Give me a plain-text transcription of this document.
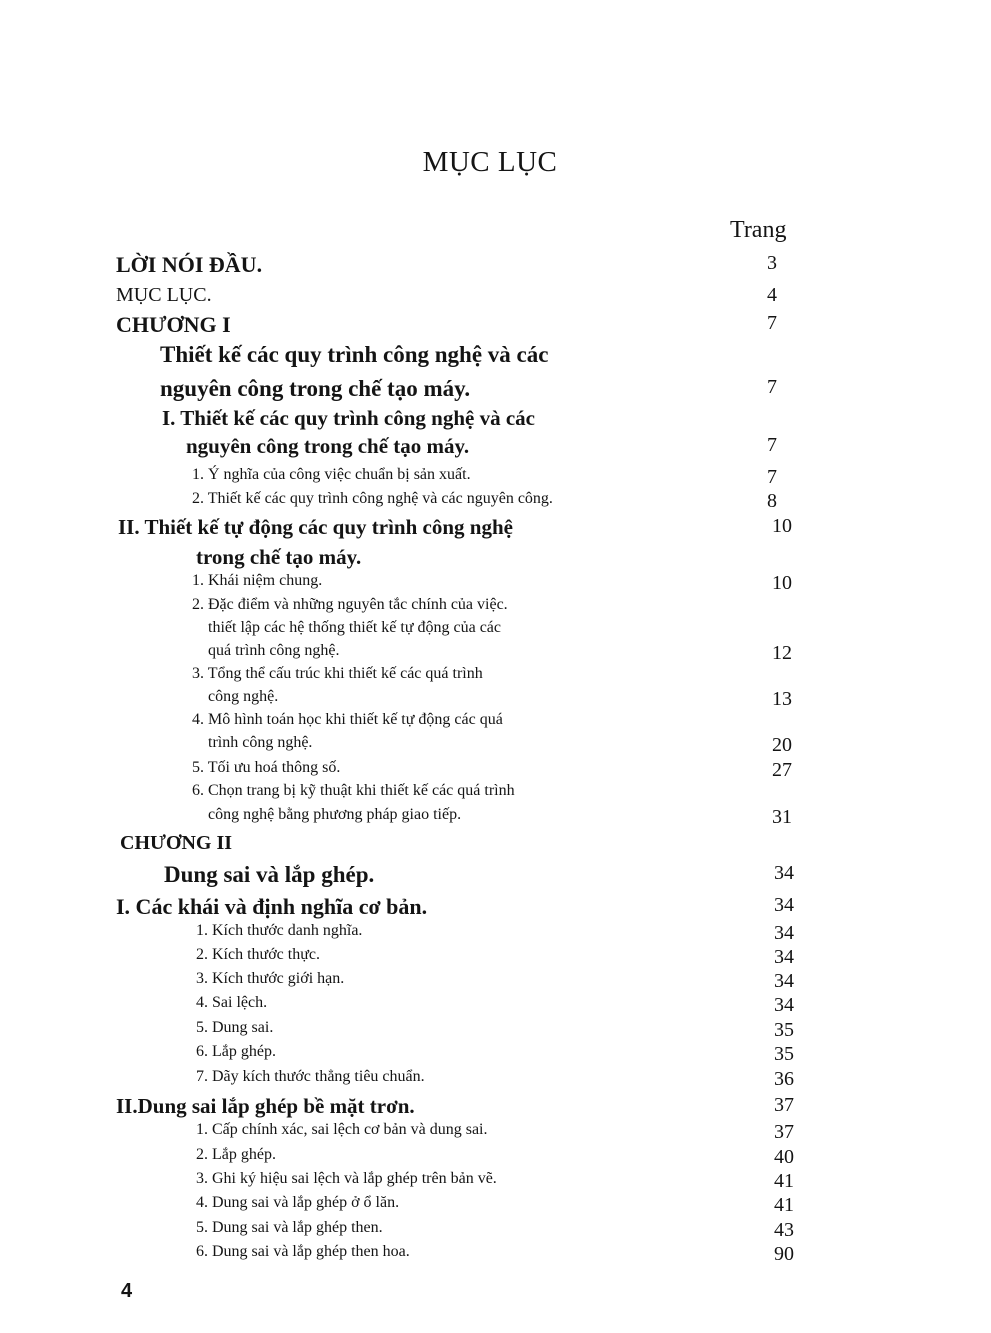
MỤC LỤC
Trang
LỜI NÓI ĐẦU.	3
MỤC LỤC.	4
CHƯƠNG I	7
Thiết kế các quy trình công nghệ và các
nguyên công trong chế tạo máy.	7
I. Thiết kế các quy trình công nghệ và các
nguyên công trong chế tạo máy.	7
1. Ý nghĩa của công việc chuẩn bị sản xuất.	7
2. Thiết kế các quy trình công nghệ và các nguyên công.	8
II. Thiết kế tự động các quy trình công nghệ	10
trong chế tạo máy.
1. Khái niệm chung.	10
2. Đặc điểm và những nguyên tắc chính của việc.
thiết lập các hệ thống thiết kế tự động của các
quá trình công nghệ.	12
3. Tổng thể cấu trúc khi thiết kế các quá trình
công nghệ.	13
4. Mô hình toán học khi thiết kế tự động các quá
trình công nghệ.	20
5. Tối ưu hoá thông số.	27
6. Chọn trang bị kỹ thuật khi thiết kế các quá trình
công nghệ bằng phương pháp giao tiếp.	31
CHƯƠNG II
Dung sai và lắp ghép.	34
I. Các khái và định nghĩa cơ bản.	34
1. Kích thước danh nghĩa.	34
2. Kích thước thực.	34
3. Kích thước giới hạn.	34
4. Sai lệch.	34
5. Dung sai.	35
6. Lắp ghép.	35
7. Dãy kích thước thẳng tiêu chuẩn.	36
II.Dung sai lắp ghép bề mặt trơn.	37
1. Cấp chính xác, sai lệch cơ bản và dung sai.	37
2. Lắp ghép.	40
3. Ghi ký hiệu sai lệch và lắp ghép trên bản vẽ.	41
4. Dung sai và lắp ghép ở ổ lăn.	41
5. Dung sai và lắp ghép then.	43
6. Dung sai và lắp ghép then hoa.	90
4
